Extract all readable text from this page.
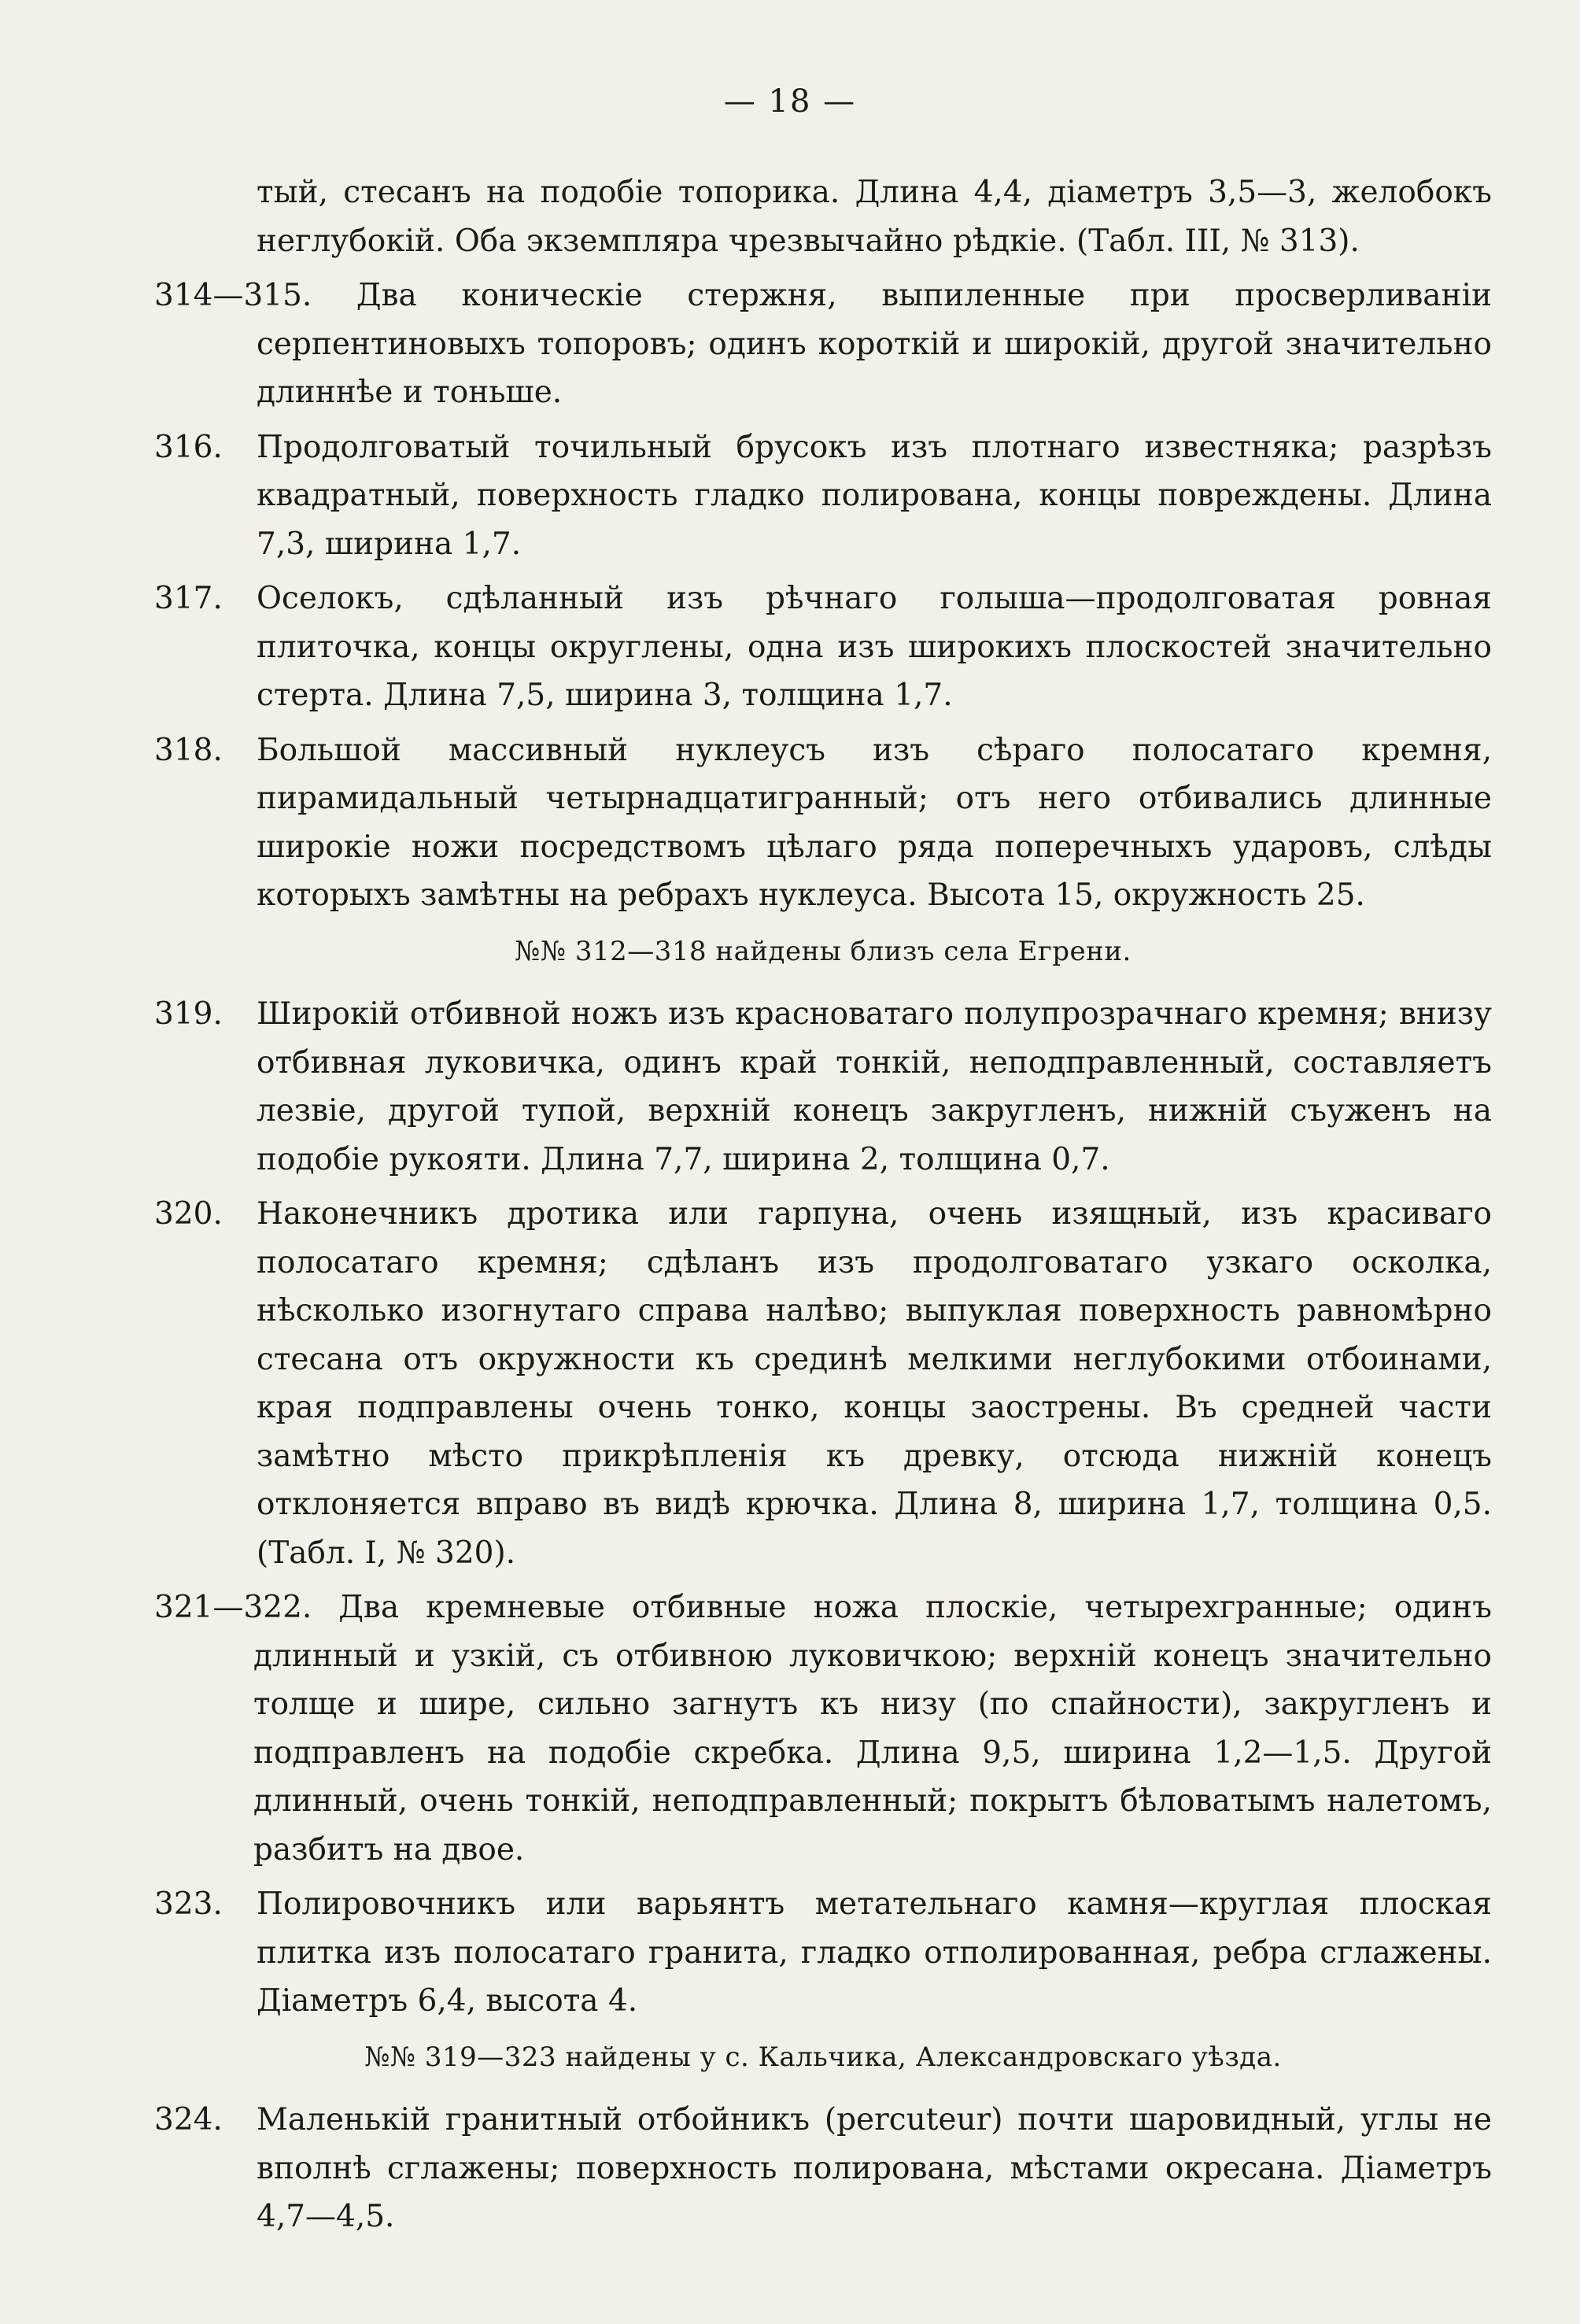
— 18 —
тый, стесанъ на подобіе топорика. Длина 4,4, діаметръ 3,5—3, желобокъ неглубокій. Оба экземпляра чрезвычайно рѣдкіе. (Табл. III, № 313).
314—315. Два коническіе стержня, выпиленные при просверливаніи серпентиновыхъ топоровъ; одинъ короткій и широкій, другой значительно длиннѣе и тоньше.
316. Продолговатый точильный брусокъ изъ плотнаго известняка; разрѣзъ квадратный, поверхность гладко полирована, концы повреждены. Длина 7,3, ширина 1,7.
317. Оселокъ, сдѣланный изъ рѣчнаго голыша—продолговатая ровная плиточка, концы округлены, одна изъ широкихъ плоскостей значительно стерта. Длина 7,5, ширина 3, толщина 1,7.
318. Большой массивный нуклеусъ изъ сѣраго полосатаго кремня, пирамидальный четырнадцатигранный; отъ него отбивались длинные широкіе ножи посредствомъ цѣлаго ряда поперечныхъ ударовъ, слѣды которыхъ замѣтны на ребрахъ нуклеуса. Высота 15, окружность 25.
№№ 312—318 найдены близъ села Егрени.
319. Широкій отбивной ножъ изъ красноватаго полупрозрачнаго кремня; внизу отбивная луковичка, одинъ край тонкій, неподправленный, составляетъ лезвіе, другой тупой, верхній конецъ закругленъ, нижній съуженъ на подобіе рукояти. Длина 7,7, ширина 2, толщина 0,7.
320. Наконечникъ дротика или гарпуна, очень изящный, изъ красиваго полосатаго кремня; сдѣланъ изъ продолговатаго узкаго осколка, нѣсколько изогнутаго справа налѣво; выпуклая поверхность равномѣрно стесана отъ окружности къ срединѣ мелкими неглубокими отбоинами, края подправлены очень тонко, концы заострены. Въ средней части замѣтно мѣсто прикрѣпленія къ древку, отсюда нижній конецъ отклоняется вправо въ видѣ крючка. Длина 8, ширина 1,7, толщина 0,5. (Табл. I, № 320).
321—322. Два кремневые отбивные ножа плоскіе, четырехгранные; одинъ длинный и узкій, съ отбивною луковичкою; верхній конецъ значительно толще и шире, сильно загнутъ къ низу (по спайности), закругленъ и подправленъ на подобіе скребка. Длина 9,5, ширина 1,2—1,5. Другой длинный, очень тонкій, неподправленный; покрытъ бѣловатымъ налетомъ, разбитъ на двое.
323. Полировочникъ или варьянтъ метательнаго камня—круглая плоская плитка изъ полосатаго гранита, гладко отполированная, ребра сглажены. Діаметръ 6,4, высота 4.
№№ 319—323 найдены у с. Кальчика, Александровскаго уѣзда.
324. Маленькій гранитный отбойникъ (percuteur) почти шаровидный, углы не вполнѣ сглажены; поверхность полирована, мѣстами окресана. Діаметръ 4,7—4,5.
